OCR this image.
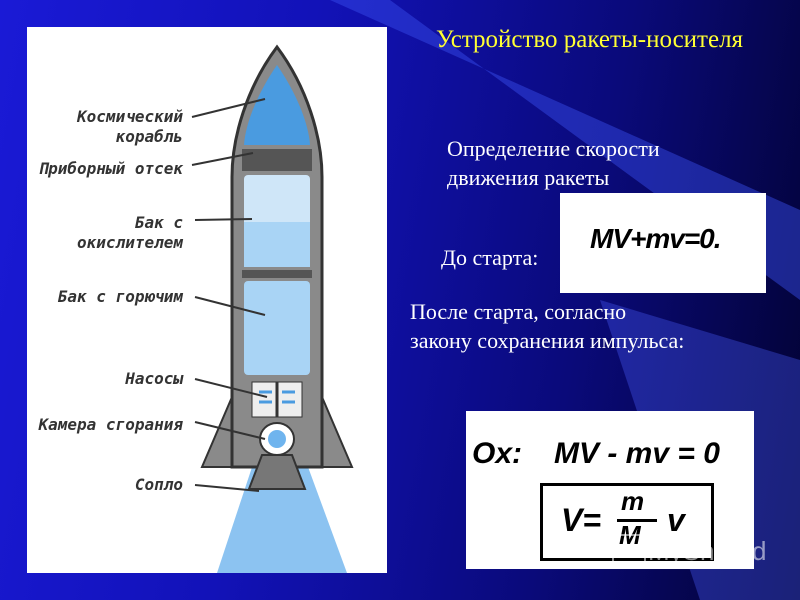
Устройство ракеты-носителя
Космический корабль
Приборный отсек
Бак с окислителем
Бак с горючим
Насосы
Камера сгорания
Сопло
Определение скорости движения ракеты
До старта:
MV+mv=0.
После старта, согласно закону сохранения импульса:
Ox: MV - mv = 0
V=
m
M v
MyShared
